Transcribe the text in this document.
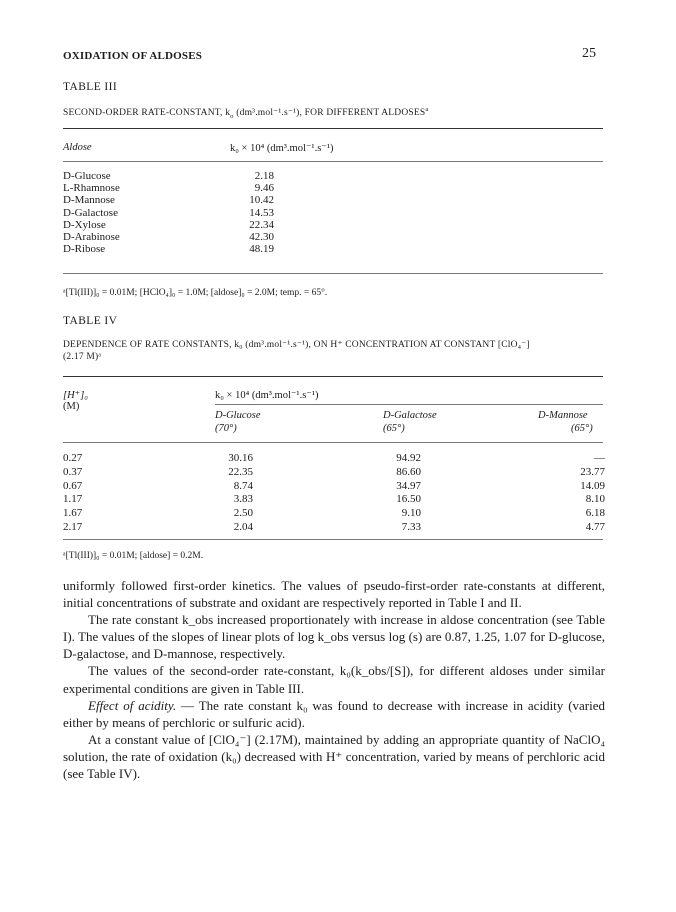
OXIDATION OF ALDOSES	25
TABLE III
SECOND-ORDER RATE-CONSTANT, $k_o$ (dm³.mol⁻¹.s⁻¹), FOR DIFFERENT ALDOSES$^a$
Aldose	k₀ × 10⁴ (dm³.mol⁻¹.s⁻¹)
D-Glucose	2.18
L-Rhamnose	9.46
D-Mannose	10.42
D-Galactose	14.53
D-Xylose	22.34
D-Arabinose	42.30
D-Ribose	48.19
ᵃ[Tl(III)]₀ = 0.01M; [HClO₄]₀ = 1.0M; [aldose]₀ = 2.0M; temp. = 65°.
TABLE IV
DEPENDENCE OF RATE CONSTANTS, k₀ (dm³.mol⁻¹.s⁻¹), ON H⁺ CONCENTRATION AT CONSTANT [ClO₄⁻]
(2.17 M)ᵃ
[H⁺]₀
(M)
k₀ × 10⁴ (dm³.mol⁻¹.s⁻¹)
D-Glucose
(70°)
D-Galactose
(65°)
D-Mannose
(65°)
0.27	30.16	94.92	—
0.37	22.35	86.60	23.77
0.67	8.74	34.97	14.09
1.17	3.83	16.50	8.10
1.67	2.50	9.10	6.18
2.17	2.04	7.33	4.77
ᵃ[Tl(III)]₀ = 0.01M; [aldose] = 0.2M.

uniformly followed first-order kinetics. The values of pseudo-first-order rate-constants at different, initial concentrations of substrate and oxidant are respectively reported in Table I and II.

The rate constant k_obs increased proportionately with increase in aldose concentration (see Table I). The values of the slopes of linear plots of log k_obs versus log (s) are 0.87, 1.25, 1.07 for D-glucose, D-galactose, and D-mannose, respectively.

The values of the second-order rate-constant, k₀(k_obs/[S]), for different aldoses under similar experimental conditions are given in Table III.

Effect of acidity. — The rate constant k₀ was found to decrease with increase in acidity (varied either by means of perchloric or sulfuric acid).

At a constant value of [ClO₄⁻] (2.17M), maintained by adding an appropriate quantity of NaClO₄ solution, the rate of oxidation (k₀) decreased with H⁺ concentration, varied by means of perchloric acid (see Table IV).
